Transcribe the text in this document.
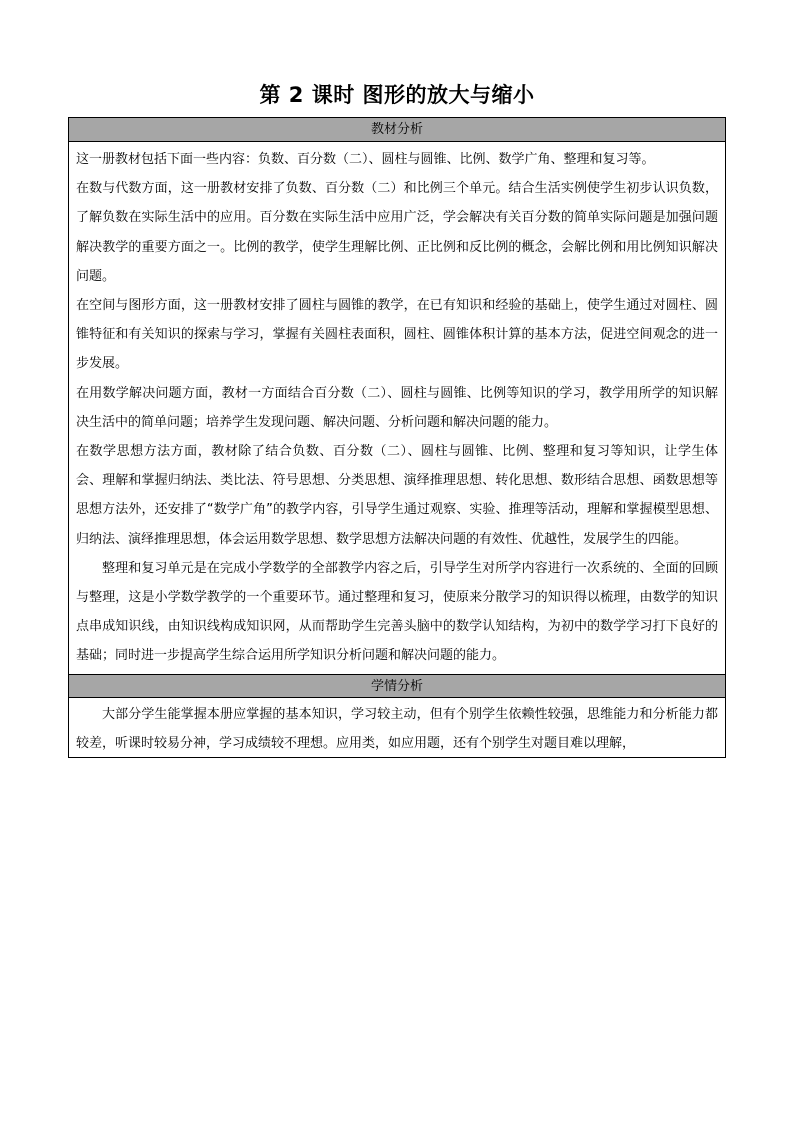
第 2 课时 图形的放大与缩小
教材分析

这一册教材包括下面一些内容：负数、百分数（二）、圆柱与圆锥、比例、数学广角、整理和复习等。

在数与代数方面，这一册教材安排了负数、百分数（二）和比例三个单元。结合生活实例使学生初步认识负数，了解负数在实际生活中的应用。百分数在实际生活中应用广泛，学会解决有关百分数的简单实际问题是加强问题解决教学的重要方面之一。比例的教学，使学生理解比例、正比例和反比例的概念，会解比例和用比例知识解决问题。

在空间与图形方面，这一册教材安排了圆柱与圆锥的教学，在已有知识和经验的基础上，使学生通过对圆柱、圆锥特征和有关知识的探索与学习，掌握有关圆柱表面积，圆柱、圆锥体积计算的基本方法，促进空间观念的进一步发展。

在用数学解决问题方面，教材一方面结合百分数（二）、圆柱与圆锥、比例等知识的学习，教学用所学的知识解决生活中的简单问题；培养学生发现问题、解决问题、分析问题和解决问题的能力。

在数学思想方法方面，教材除了结合负数、百分数（二）、圆柱与圆锥、比例、整理和复习等知识，让学生体会、理解和掌握归纳法、类比法、符号思想、分类思想、演绎推理思想、转化思想、数形结合思想、函数思想等思想方法外，还安排了“数学广角”的教学内容，引导学生通过观察、实验、推理等活动，理解和掌握模型思想、归纳法、演绎推理思想，体会运用数学思想、数学思想方法解决问题的有效性、优越性，发展学生的四能。

整理和复习单元是在完成小学数学的全部教学内容之后，引导学生对所学内容进行一次系统的、全面的回顾与整理，这是小学数学教学的一个重要环节。通过整理和复习，使原来分散学习的知识得以梳理，由数学的知识点串成知识线，由知识线构成知识网，从而帮助学生完善头脑中的数学认知结构，为初中的数学学习打下良好的基础；同时进一步提高学生综合运用所学知识分析问题和解决问题的能力。

学情分析

大部分学生能掌握本册应掌握的基本知识，学习较主动，但有个别学生依赖性较强，思维能力和分析能力都较差，听课时较易分神，学习成绩较不理想。应用类，如应用题，还有个别学生对题目难以理解，
